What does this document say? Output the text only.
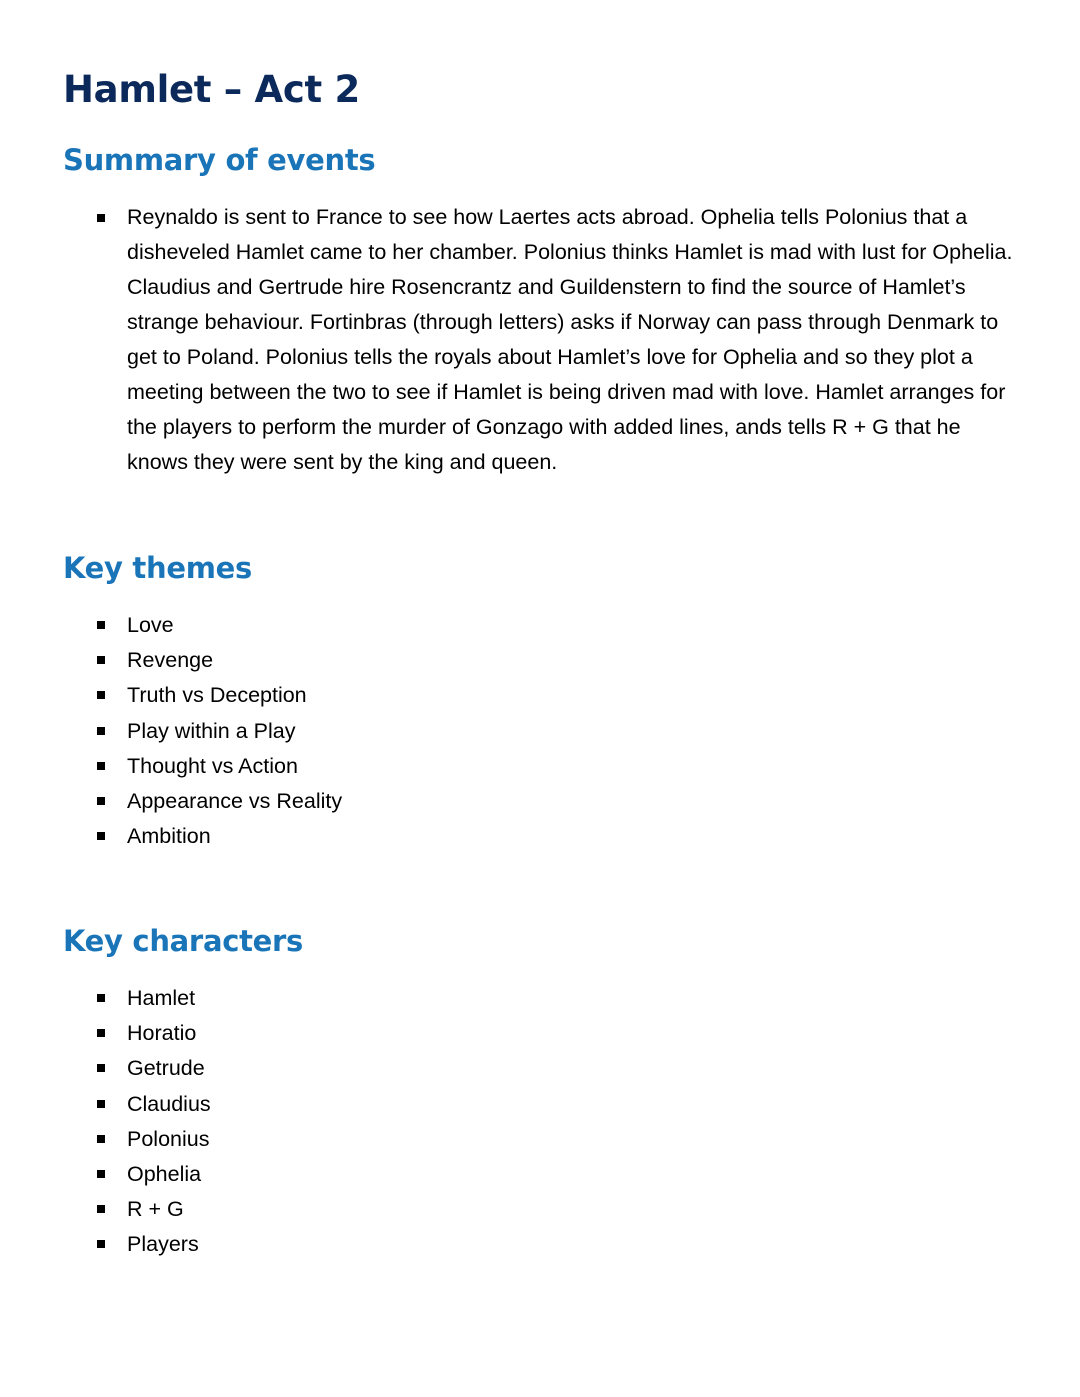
Hamlet – Act 2
Summary of events

Reynaldo is sent to France to see how Laertes acts abroad. Ophelia tells Polonius that a disheveled Hamlet came to her chamber. Polonius thinks Hamlet is mad with lust for Ophelia. Claudius and Gertrude hire Rosencrantz and Guildenstern to find the source of Hamlet’s strange behaviour. Fortinbras (through letters) asks if Norway can pass through Denmark to get to Poland. Polonius tells the royals about Hamlet’s love for Ophelia and so they plot a meeting between the two to see if Hamlet is being driven mad with love. Hamlet arranges for the players to perform the murder of Gonzago with added lines, ands tells R + G that he knows they were sent by the king and queen.

Key themes
Love
Revenge
Truth vs Deception
Play within a Play
Thought vs Action
Appearance vs Reality
Ambition
Key characters
Hamlet
Horatio
Getrude
Claudius
Polonius
Ophelia
R + G
Players
